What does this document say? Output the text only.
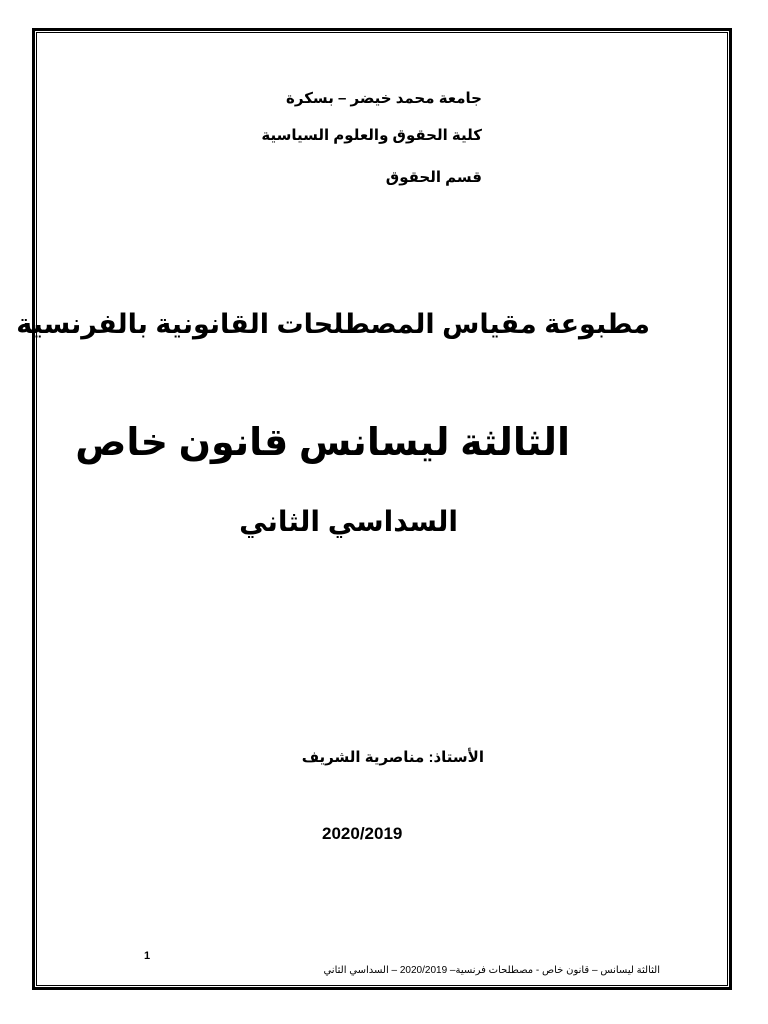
جامعة محمد خيضر – بسكرة
كلية الحقوق والعلوم السياسية
قسم الحقوق
مطبوعة مقياس المصطلحات القانونية بالفرنسية
الثالثة ليسانس قانون خاص
السداسي الثاني
الأستاذ: مناصرية الشريف
2020/2019
1
الثالثة ليسانس – قانون خاص - مصطلحات فرنسية– 2020/2019 – السداسي الثاني
